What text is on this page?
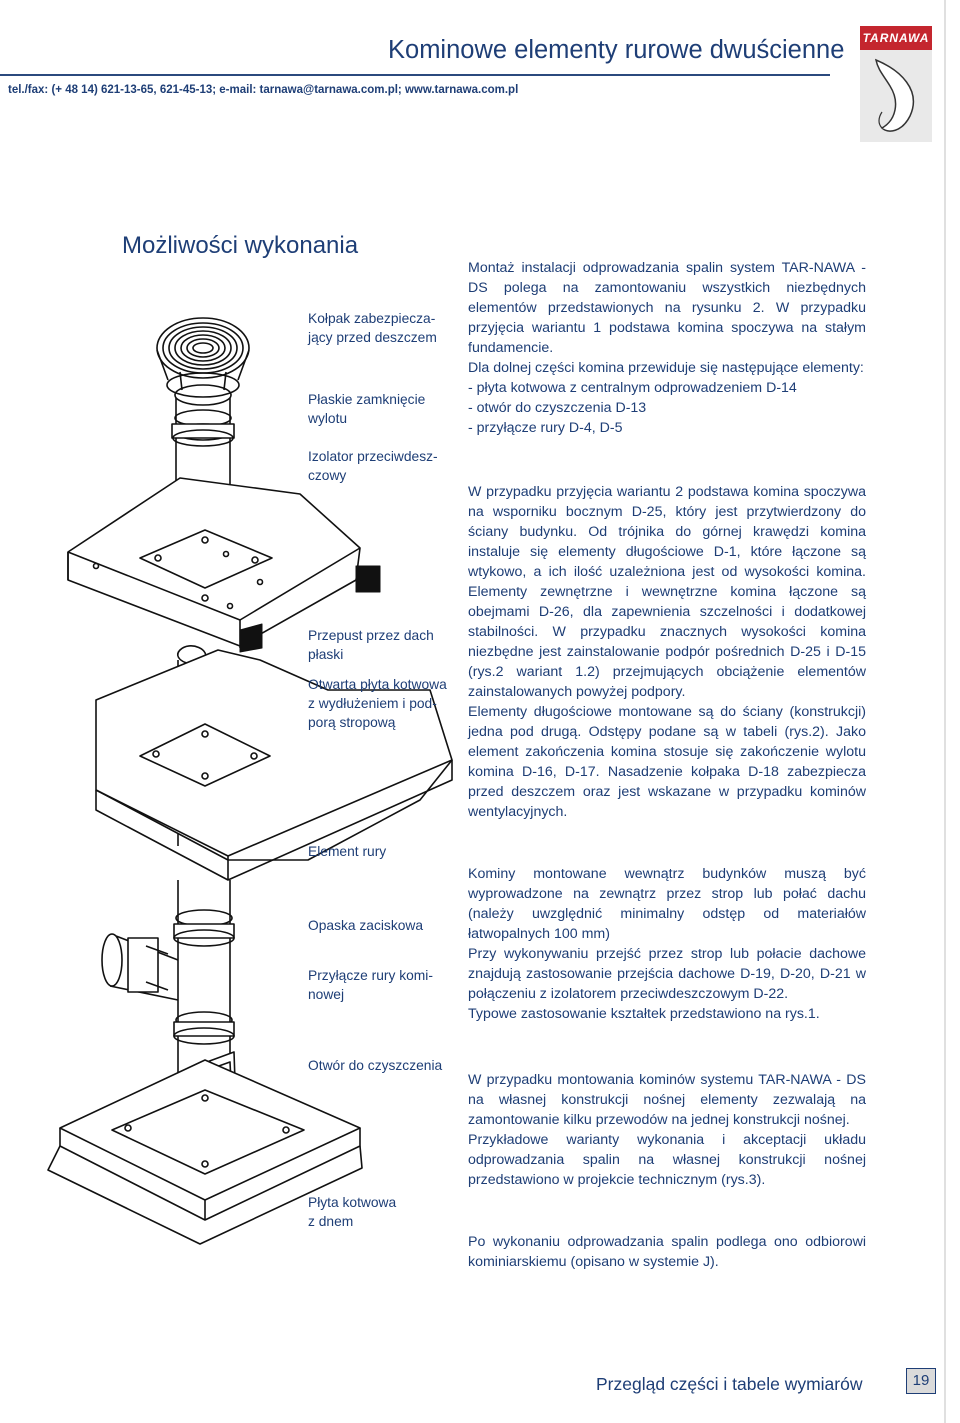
Kominowe elementy rurowe dwuścienne
tel./fax: (+ 48 14) 621-13-65, 621-45-13; e-mail: tarnawa@tarnawa.com.pl; www.tarnawa.com.pl
TARNAWA
Możliwości wykonania
Kołpak zabezpiecza-
jący przed deszczem
Płaskie zamknięcie
wylotu
Izolator przeciwdesz-
czowy
Przepust przez dach
płaski
Otwarta płyta kotwowa
z wydłużeniem i pod-
porą stropową
Element rury
Opaska zaciskowa
Przyłącze rury komi-
nowej
Otwór do czyszczenia
Płyta kotwowa
z dnem

Montaż instalacji odprowadzania spalin system TAR-NAWA - DS polega na zamontowaniu wszystkich niezbędnych elementów przedstawionych na rysunku 2. W przypadku przyjęcia wariantu 1 podstawa komina spoczywa na stałym fundamencie.

Dla dolnej części komina przewiduje się następujące elementy:

- płyta kotwowa z centralnym odprowadzeniem D-14
- otwór do czyszczenia D-13
- przyłącze rury D-4, D-5

W przypadku przyjęcia wariantu 2 podstawa komina spoczywa na wsporniku bocznym D-25, który jest przytwierdzony do ściany budynku. Od trójnika do górnej krawędzi komina instaluje się elementy długościowe D-1, które łączone są wtykowo, a ich ilość uzależniona jest od wysokości komina. Elementy zewnętrzne i wewnętrzne komina łączone są obejmami D-26, dla zapewnienia szczelności i dodatkowej stabilności. W przypadku znacznych wysokości komina niezbędne jest zainstalowanie podpór pośrednich D-25 i D-15 (rys.2 wariant 1.2) przejmujących obciążenie elementów zainstalowanych powyżej podpory.

Elementy długościowe montowane są do ściany (konstrukcji) jedna pod drugą. Odstępy podane są w tabeli (rys.2). Jako element zakończenia komina stosuje się zakończenie wylotu komina D-16, D-17. Nasadzenie kołpaka D-18 zabezpiecza przed deszczem oraz jest wskazane w przypadku kominów wentylacyjnych.

Kominy montowane wewnątrz budynków muszą być wyprowadzone na zewnątrz przez strop lub połać dachu (należy uwzględnić minimalny odstęp od materiałów łatwopalnych 100 mm)

Przy wykonywaniu przejść przez strop lub połacie dachowe znajdują zastosowanie przejścia dachowe D-19, D-20, D-21 w połączeniu z izolatorem przeciwdeszczowym D-22.

Typowe zastosowanie kształtek przedstawiono na rys.1.

W przypadku montowania kominów systemu TAR-NAWA - DS na własnej konstrukcji nośnej elementy zezwalają na zamontowanie kilku przewodów na jednej konstrukcji nośnej.

Przykładowe warianty wykonania i akceptacji układu odprowadzania spalin na własnej konstrukcji nośnej przedstawiono w projekcie technicznym (rys.3).

Po wykonaniu odprowadzania spalin podlega ono odbiorowi kominiarskiemu (opisano w systemie J).

Przegląd części i tabele wymiarów	19
